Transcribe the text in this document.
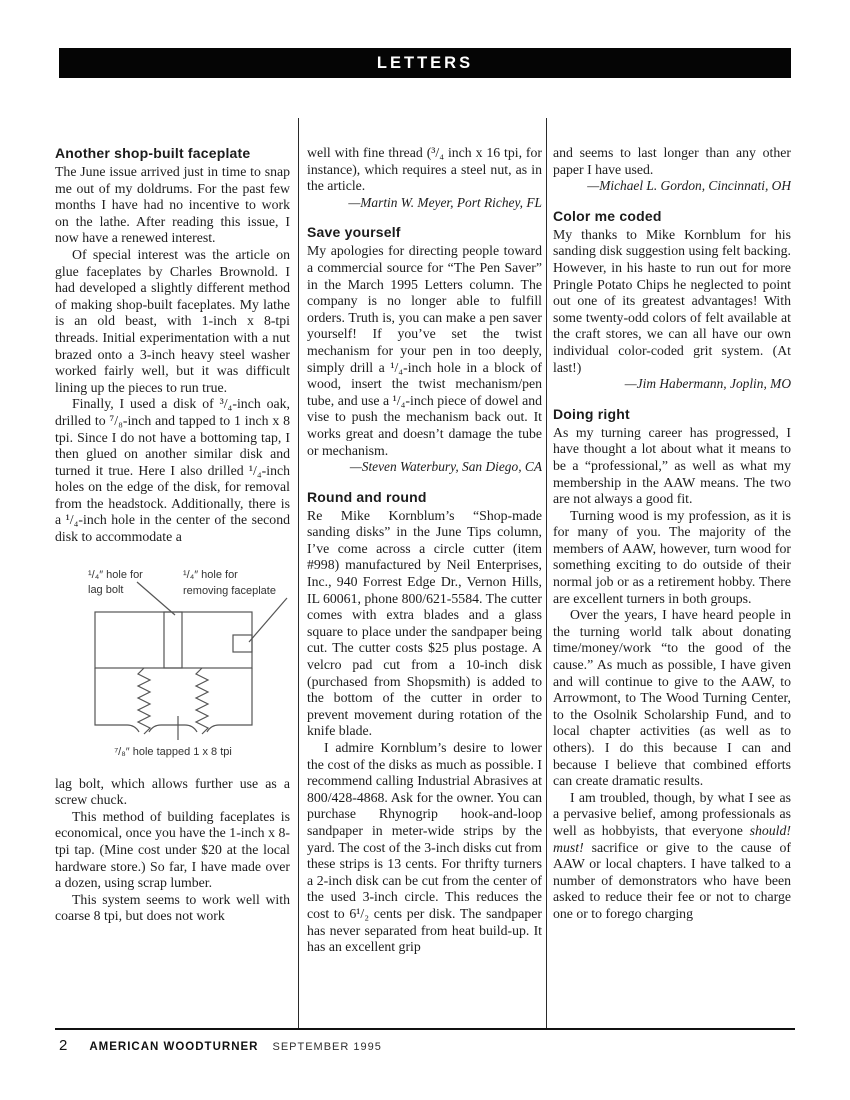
LETTERS
Another shop-built faceplate

The June issue arrived just in time to snap me out of my doldrums. For the past few months I have had no incentive to work on the lathe. After reading this issue, I now have a renewed interest.

Of special interest was the article on glue faceplates by Charles Brownold. I had developed a slightly different method of making shop-built faceplates. My lathe is an old beast, with 1-inch x 8-tpi threads. Initial experimentation with a nut brazed onto a 3-inch heavy steel washer worked fairly well, but it was difficult lining up the pieces to run true.

Finally, I used a disk of ³/₄-inch oak, drilled to ⁷/₈-inch and tapped to 1 inch x 8 tpi. Since I do not have a bottoming tap, I then glued on another similar disk and turned it true. Here I also drilled ¹/₄-inch holes on the edge of the disk, for removal from the headstock. Additionally, there is a ¹/₄-inch hole in the center of the second disk to accommodate a

¹/₄″ hole for
lag bolt
¹/₄″ hole for
removing faceplate
⁷/₈″ hole tapped 1 x 8 tpi

lag bolt, which allows further use as a screw chuck.

This method of building faceplates is economical, once you have the 1-inch x 8-tpi tap. (Mine cost under $20 at the local hardware store.) So far, I have made over a dozen, using scrap lumber.

This system seems to work well with coarse 8 tpi, but does not work

well with fine thread (³/₄ inch x 16 tpi, for instance), which requires a steel nut, as in the article.

—Martin W. Meyer, Port Richey, FL

Save yourself

My apologies for directing people toward a commercial source for “The Pen Saver” in the March 1995 Letters column. The company is no longer able to fulfill orders. Truth is, you can make a pen saver yourself! If you’ve set the twist mechanism for your pen in too deeply, simply drill a ¹/₄-inch hole in a block of wood, insert the twist mechanism/pen tube, and use a ¹/₄-inch piece of dowel and vise to push the mechanism back out. It works great and doesn’t damage the tube or mechanism.

—Steven Waterbury, San Diego, CA

Round and round

Re Mike Kornblum’s “Shop-made sanding disks” in the June Tips column, I’ve come across a circle cutter (item #998) manufactured by Neil Enterprises, Inc., 940 Forrest Edge Dr., Vernon Hills, IL 60061, phone 800/621-5584. The cutter comes with extra blades and a glass square to place under the sandpaper being cut. The cutter costs $25 plus postage. A velcro pad cut from a 10-inch disk (purchased from Shopsmith) is added to the bottom of the cutter in order to prevent movement during rotation of the knife blade.

I admire Kornblum’s desire to lower the cost of the disks as much as possible. I recommend calling Industrial Abrasives at 800/428-4868. Ask for the owner. You can purchase Rhynogrip hook-and-loop sandpaper in meter-wide strips by the yard. The cost of the 3-inch disks cut from these strips is 13 cents. For thrifty turners a 2-inch disk can be cut from the center of the used 3-inch circle. This reduces the cost to 6¹/₂ cents per disk. The sandpaper has never separated from heat build-up. It has an excellent grip

and seems to last longer than any other paper I have used.

—Michael L. Gordon, Cincinnati, OH

Color me coded

My thanks to Mike Kornblum for his sanding disk suggestion using felt backing. However, in his haste to run out for more Pringle Potato Chips he neglected to point out one of its greatest advantages! With some twenty-odd colors of felt available at the craft stores, we can all have our own individual color-coded grit system. (At last!)

—Jim Habermann, Joplin, MO

Doing right

As my turning career has progressed, I have thought a lot about what it means to be a “professional,” as well as what my membership in the AAW means. The two are not always a good fit.

Turning wood is my profession, as it is for many of you. The majority of the members of AAW, however, turn wood for something exciting to do outside of their normal job or as a retirement hobby. There are excellent turners in both groups.

Over the years, I have heard people in the turning world talk about donating time/money/work “to the good of the cause.” As much as possible, I have given and will continue to give to the AAW, to Arrowmont, to The Wood Turning Center, to the Osolnik Scholarship Fund, and to local chapter activities (as well as to others). I do this because I can and because I believe that combined efforts can create dramatic results.

I am troubled, though, by what I see as a pervasive belief, among professionals as well as hobbyists, that everyone should! must! sacrifice or give to the cause of AAW or local chapters. I have talked to a number of demonstrators who have been asked to reduce their fee or not to charge one or to forego charging

2 AMERICAN WOODTURNER SEPTEMBER 1995
